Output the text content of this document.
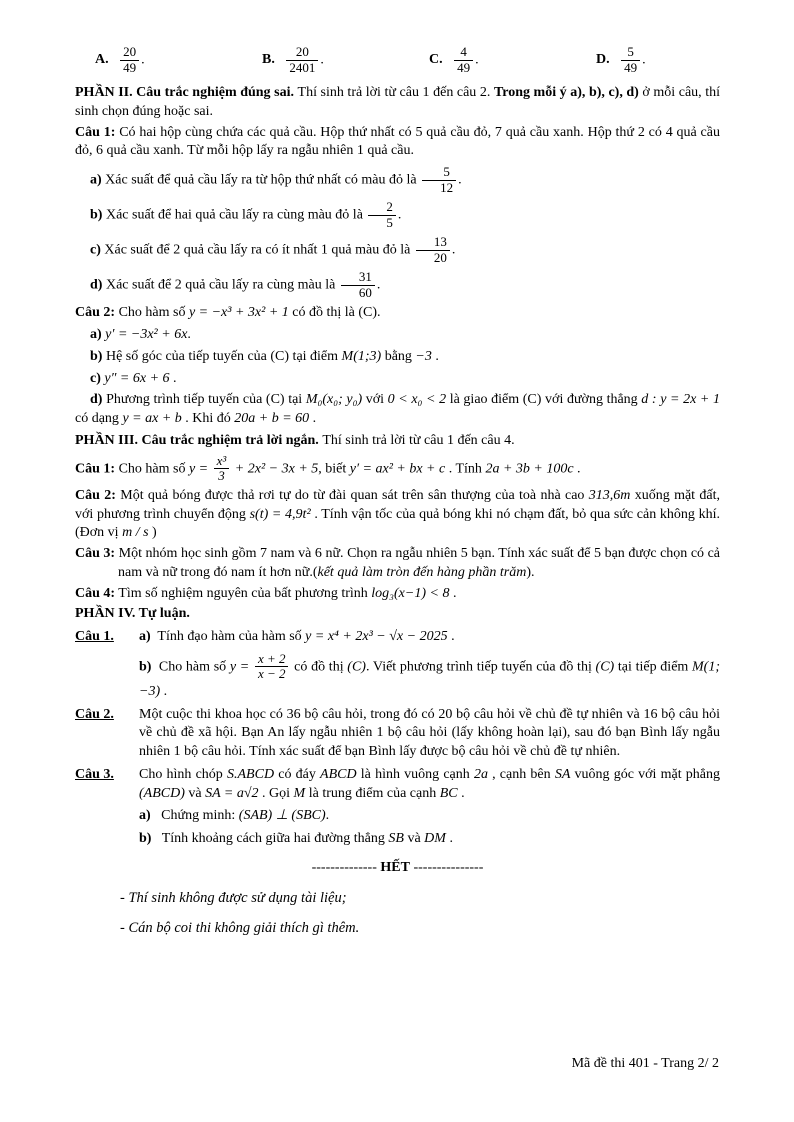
A. $\frac{20}{49}$ .	B. $\frac{20}{2401}$ .	C. $\frac{4}{49}$ .	D. $\frac{5}{49}$ .
PHẦN II. Câu trắc nghiệm đúng sai. Thí sinh trả lời từ câu 1 đến câu 2. Trong mỗi ý a), b), c), d) ở mỗi câu, thí sinh chọn đúng hoặc sai.
Câu 1: Có hai hộp cùng chứa các quả cầu. Hộp thứ nhất có 5 quả cầu đỏ, 7 quả cầu xanh. Hộp thứ 2 có 4 quả cầu đỏ, 6 quả cầu xanh. Từ mỗi hộp lấy ra ngẫu nhiên 1 quả cầu.
a) Xác suất để quả cầu lấy ra từ hộp thứ nhất có màu đỏ là $\frac{5}{12}$ .
b) Xác suất để hai quả cầu lấy ra cùng màu đỏ là $\frac{2}{5}$ .
c) Xác suất để 2 quả cầu lấy ra có ít nhất 1 quả màu đỏ là $\frac{13}{20}$ .
d) Xác suất để 2 quả cầu lấy ra cùng màu là $\frac{31}{60}$ .
Câu 2: Cho hàm số y = −x³ + 3x² + 1 có đồ thị là (C).
a) y′ = −3x² + 6x.
b) Hệ số góc của tiếp tuyến của (C) tại điểm M(1;3) bằng −3 .
c) y″ = 6x + 6 .
d) Phương trình tiếp tuyến của (C) tại M₀(x₀; y₀) với 0 < x₀ < 2 là giao điểm (C) với đường thẳng d : y = 2x + 1 có dạng y = ax + b . Khi đó 20a + b = 60 .
PHẦN III. Câu trắc nghiệm trả lời ngắn. Thí sinh trả lời từ câu 1 đến câu 4.
Câu 1: Cho hàm số $y = \frac{\text{x³}}{3} + 2x^2 - 3x + 5$, biết y′ = ax² + bx + c . Tính 2a + 3b + 100c .
Câu 2: Một quả bóng được thả rơi tự do từ đài quan sát trên sân thượng của toà nhà cao 313,6m xuống mặt đất, với phương trình chuyển động s(t) = 4,9t² . Tính vận tốc của quả bóng khi nó chạm đất, bỏ qua sức cản không khí. (Đơn vị m / s )
Câu 3: Một nhóm học sinh gồm 7 nam và 6 nữ. Chọn ra ngẫu nhiên 5 bạn. Tính xác suất để 5 bạn được chọn có cả nam và nữ trong đó nam ít hơn nữ.(kết quả làm tròn đến hàng phần trăm).
Câu 4: Tìm số nghiệm nguyên của bất phương trình log₃(x−1) < 8 .
PHẦN IV. Tự luận.
Câu 1.	a)  Tính đạo hàm của hàm số y = x⁴ + 2x³ − √x − 2025 .
b)  Cho hàm số $y = \frac{x + 2}{x - 2}$ có đồ thị (C). Viết phương trình tiếp tuyến của đồ thị (C) tại tiếp điểm M(1; −3) .
Câu 2.	Một cuộc thi khoa học có 36 bộ câu hỏi, trong đó có 20 bộ câu hỏi về chủ đề tự nhiên và 16 bộ câu hỏi về chủ đề xã hội. Bạn An lấy ngẫu nhiên 1 bộ câu hỏi (lấy không hoàn lại), sau đó bạn Bình lấy ngẫu nhiên 1 bộ câu hỏi. Tính xác suất để bạn Bình lấy được bộ câu hỏi về chủ đề tự nhiên.
Câu 3.	Cho hình chóp S.ABCD có đáy ABCD là hình vuông cạnh 2a , cạnh bên SA vuông góc với mặt phẳng (ABCD) và SA = a√2 . Gọi M là trung điểm của cạnh BC .
a)   Chứng minh: (SAB) ⊥ (SBC).
b)   Tính khoảng cách giữa hai đường thẳng SB và DM .
-------------- HẾT ---------------
- Thí sinh không được sử dụng tài liệu;
- Cán bộ coi thi không giải thích gì thêm.
Mã đề thi 401 - Trang 2/ 2
